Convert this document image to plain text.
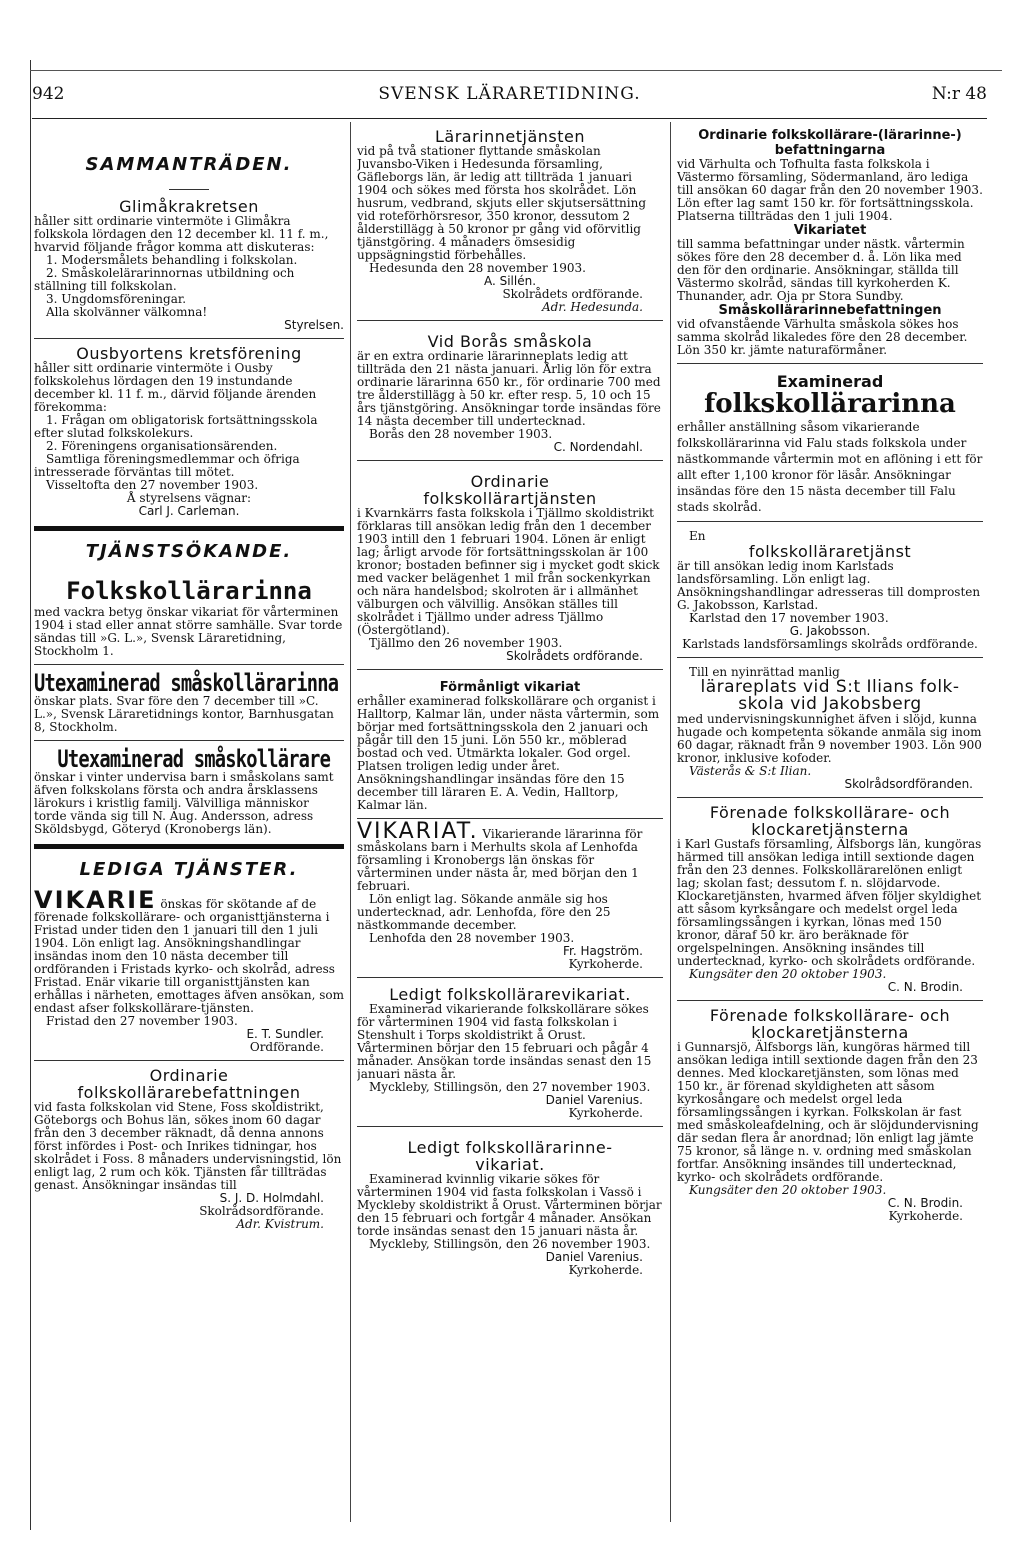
942	SVENSK LÄRARETIDNING.	N:r 48
SAMMANTRÄDEN.
Glimåkrakretsen

håller sitt ordinarie vintermöte i Glimåkra folkskola lördagen den 12 december kl. 11 f. m., hvarvid följande frågor komma att diskuteras:

1. Modersmålets behandling i folkskolan.

2. Småskolelärarinnornas utbildning och ställning till folkskolan.

3. Ungdomsföreningar.

Alla skolvänner välkomna!

Styrelsen.

Ousbyortens kretsförening

håller sitt ordinarie vintermöte i Ousby folkskolehus lördagen den 19 instundande december kl. 11 f. m., därvid följande ärenden förekomma:

1. Frågan om obligatorisk fortsättningsskola efter slutad folkskolekurs.

2. Föreningens organisationsärenden.

Samtliga föreningsmedlemmar och öfriga intresserade förväntas till mötet.

Visseltofta den 27 november 1903.

Å styrelsens vägnar:

Carl J. Carleman.

TJÄNSTSÖKANDE.
Folkskollärarinna

med vackra betyg önskar vikariat för vårterminen 1904 i stad eller annat större samhälle. Svar torde sändas till »G. L.», Svensk Läraretidning, Stockholm 1.

Utexaminerad småskollärarinna

önskar plats. Svar före den 7 december till »C. L.», Svensk Läraretidnings kontor, Barnhusgatan 8, Stockholm.

Utexaminerad småskollärare

önskar i vinter undervisa barn i småskolans samt äfven folkskolans första och andra årsklassens lärokurs i kristlig familj. Välvilliga människor torde vända sig till N. Aug. Andersson, adress Sköldsbygd, Göteryd (Kronobergs län).

LEDIGA TJÄNSTER.

VIKARIE önskas för skötande af de förenade folkskollärare- och organisttjänsterna i Fristad under tiden den 1 januari till den 1 juli 1904. Lön enligt lag. Ansökningshandlingar insändas inom den 10 nästa december till ordföranden i Fristads kyrko- och skolråd, adress Fristad. Enär vikarie till organisttjänsten kan erhållas i närheten, emottages äfven ansökan, som endast afser folkskollärare-tjänsten.

Fristad den 27 november 1903.

E. T. Sundler.

Ordförande.

Ordinarie
folkskollärarebefattningen

vid fasta folkskolan vid Stene, Foss skoldistrikt, Göteborgs och Bohus län, sökes inom 60 dagar från den 3 december räknadt, då denna annons först infördes i Post- och Inrikes tidningar, hos skolrådet i Foss. 8 månaders undervisningstid, lön enligt lag, 2 rum och kök. Tjänsten får tillträdas genast. Ansökningar insändas till

S. J. D. Holmdahl.

Skolrådsordförande.

Adr. Kvistrum.

Lärarinnetjänsten

vid på två stationer flyttande småskolan Juvansbo-Viken i Hedesunda församling, Gäfleborgs län, är ledig att tillträda 1 januari 1904 och sökes med första hos skolrådet. Lön husrum, vedbrand, skjuts eller skjutsersättning vid roteförhörsresor, 350 kronor, dessutom 2 ålderstillägg à 50 kronor pr gång vid oförvitlig tjänstgöring. 4 månaders ömsesidig uppsägningstid förbehålles.

Hedesunda den 28 november 1903.

A. Sillén.

Skolrådets ordförande.

Adr. Hedesunda.

Vid Borås småskola

är en extra ordinarie lärarinneplats ledig att tillträda den 21 nästa januari. Årlig lön för extra ordinarie lärarinna 650 kr., för ordinarie 700 med tre ålderstillägg à 50 kr. efter resp. 5, 10 och 15 års tjänstgöring. Ansökningar torde insändas före 14 nästa december till undertecknad.

Borås den 28 november 1903.

C. Nordendahl.

Ordinarie
folkskollärartjänsten

i Kvarnkärrs fasta folkskola i Tjällmo skoldistrikt förklaras till ansökan ledig från den 1 december 1903 intill den 1 februari 1904. Lönen är enligt lag; årligt arvode för fortsättningsskolan är 100 kronor; bostaden befinner sig i mycket godt skick med vacker belägenhet 1 mil från sockenkyrkan och nära handelsbod; skolroten är i allmänhet välburgen och välvillig. Ansökan ställes till skolrådet i Tjällmo under adress Tjällmo (Östergötland).

Tjällmo den 26 november 1903.

Skolrådets ordförande.

Förmånligt vikariat

erhåller examinerad folkskollärare och organist i Halltorp, Kalmar län, under nästa vårtermin, som börjar med fortsättningsskola den 2 januari och pågår till den 15 juni. Lön 550 kr., möblerad bostad och ved. Utmärkta lokaler. God orgel. Platsen troligen ledig under året. Ansökningshandlingar insändas före den 15 december till läraren E. A. Vedin, Halltorp, Kalmar län.

VIKARIAT. Vikarierande lärarinna för småskolans barn i Merhults skola af Lenhofda församling i Kronobergs län önskas för vårterminen under nästa år, med början den 1 februari.

Lön enligt lag. Sökande anmäle sig hos undertecknad, adr. Lenhofda, före den 25 nästkommande december.

Lenhofda den 28 november 1903.

Fr. Hagström.

Kyrkoherde.

Ledigt folkskollärarevikariat.

Examinerad vikarierande folkskollärare sökes för vårterminen 1904 vid fasta folkskolan i Stenshult i Torps skoldistrikt å Orust. Vårterminen börjar den 15 februari och pågår 4 månader. Ansökan torde insändas senast den 15 januari nästa år.

Myckleby, Stillingsön, den 27 november 1903.

Daniel Varenius.

Kyrkoherde.

Ledigt folkskollärarinne-
vikariat.

Examinerad kvinnlig vikarie sökes för vårterminen 1904 vid fasta folkskolan i Vassö i Myckleby skoldistrikt å Orust. Vårterminen börjar den 15 februari och fortgår 4 månader. Ansökan torde insändas senast den 15 januari nästa år.

Myckleby, Stillingsön, den 26 november 1903.

Daniel Varenius.

Kyrkoherde.

Ordinarie folkskollärare-(lärarinne-)
befattningarna

vid Värhulta och Tofhulta fasta folkskola i Västermo församling, Södermanland, äro lediga till ansökan 60 dagar från den 20 november 1903. Lön efter lag samt 150 kr. för fortsättningsskola. Platserna tillträdas den 1 juli 1904.

Vikariatet

till samma befattningar under nästk. vårtermin sökes före den 28 december d. å. Lön lika med den för den ordinarie. Ansökningar, ställda till Västermo skolråd, sändas till kyrkoherden K. Thunander, adr. Oja pr Stora Sundby.

Småskollärarinnebefattningen

vid ofvanstående Värhulta småskola sökes hos samma skolråd likaledes före den 28 december. Lön 350 kr. jämte naturaförmåner.

Examinerad
folkskollärarinna

erhåller anställning såsom vikarierande folkskollärarinna vid Falu stads folkskola under nästkommande vårtermin mot en aflöning i ett för allt efter 1,100 kronor för läsår. Ansökningar insändas före den 15 nästa december till Falu stads skolråd.

En

folkskolläraretjänst

är till ansökan ledig inom Karlstads landsförsamling. Lön enligt lag. Ansökningshandlingar adresseras till domprosten G. Jakobsson, Karlstad.

Karlstad den 17 november 1903.

G. Jakobsson.

Karlstads landsförsamlings skolråds ordförande.

Till en nyinrättad manlig

lärareplats vid S:t Ilians folk-
skola vid Jakobsberg

med undervisningskunnighet äfven i slöjd, kunna hugade och kompetenta sökande anmäla sig inom 60 dagar, räknadt från 9 november 1903. Lön 900 kronor, inklusive kofoder.

Västerås & S:t Ilian.

Skolrådsordföranden.

Förenade folkskollärare- och
klockaretjänsterna

i Karl Gustafs församling, Älfsborgs län, kungöras härmed till ansökan lediga intill sextionde dagen från den 23 dennes. Folkskollärarelönen enligt lag; skolan fast; dessutom f. n. slöjdarvode. Klockaretjänsten, hvarmed äfven följer skyldighet att såsom kyrksångare och medelst orgel leda församlingssången i kyrkan, lönas med 150 kronor, däraf 50 kr. äro beräknade för orgelspelningen. Ansökning insändes till undertecknad, kyrko- och skolrådets ordförande.

Kungsäter den 20 oktober 1903.

C. N. Brodin.

Förenade folkskollärare- och
klockaretjänsterna

i Gunnarsjö, Älfsborgs län, kungöras härmed till ansökan lediga intill sextionde dagen från den 23 dennes. Med klockaretjänsten, som lönas med 150 kr., är förenad skyldigheten att såsom kyrkosångare och medelst orgel leda församlingssången i kyrkan. Folkskolan är fast med småskoleafdelning, och är slöjdundervisning där sedan flera år anordnad; lön enligt lag jämte 75 kronor, så länge n. v. ordning med småskolan fortfar. Ansökning insändes till undertecknad, kyrko- och skolrådets ordförande.

Kungsäter den 20 oktober 1903.

C. N. Brodin.

Kyrkoherde.
